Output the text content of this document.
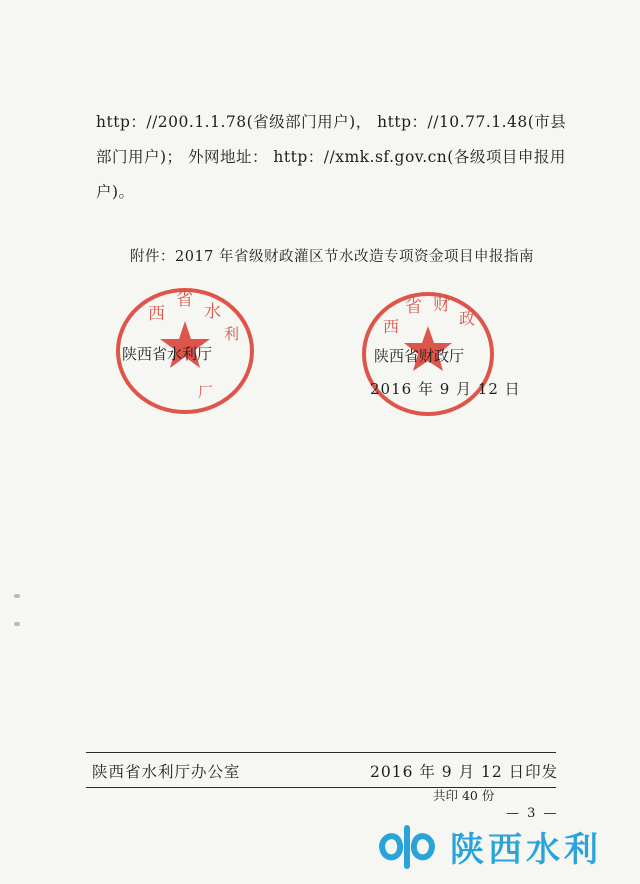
http：//200.1.1.78(省级部门用户)， http：//10.77.1.48(市县
部门用户)； 外网地址： http：//xmk.sf.gov.cn(各级项目申报用
户)。
附件：2017 年省级财政灌区节水改造专项资金项目申报指南
西
省
水
利
厂
西
省 财
政
陕西省水利厅	陕西省财政厅
2016 年 9 月 12 日
陕西省水利厅办公室	2016 年 9 月 12 日印发
共印 40 份
— 3 —
陕西水利
